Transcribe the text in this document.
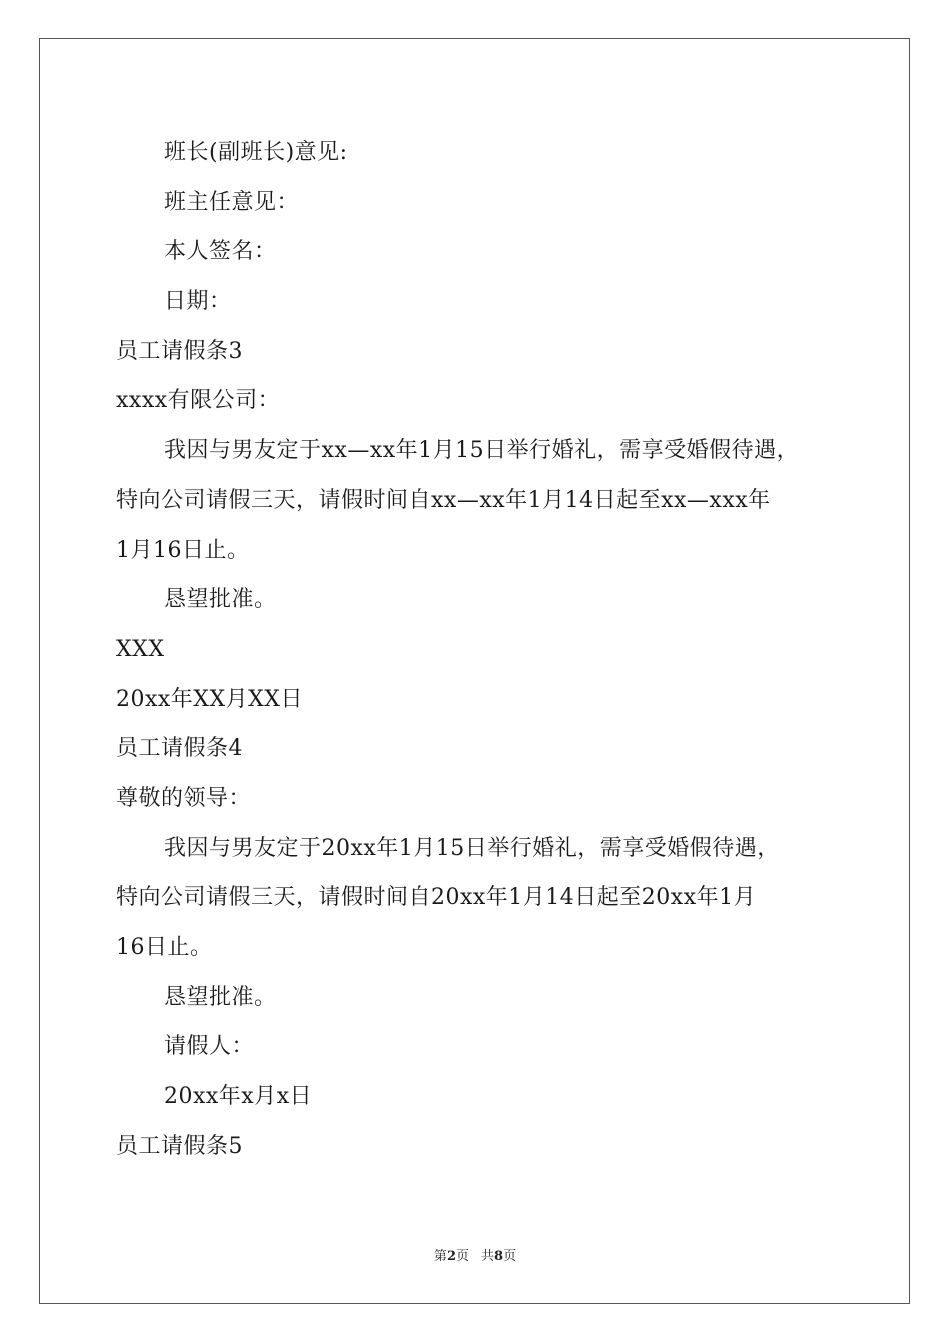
班长(副班长)意见:
班主任意见：
本人签名：
日期：
员工请假条3
xxxx有限公司：
我因与男友定于xx—xx年1月15日举行婚礼，需享受婚假待遇，
特向公司请假三天，请假时间自xx—xx年1月14日起至xx—xxx年
1月16日止。
恳望批准。
XXX
20xx年XX月XX日
员工请假条4
尊敬的领导：
我因与男友定于20xx年1月15日举行婚礼，需享受婚假待遇，
特向公司请假三天，请假时间自20xx年1月14日起至20xx年1月
16日止。
恳望批准。
请假人：
20xx年x月x日
员工请假条5
第2页 共8页
